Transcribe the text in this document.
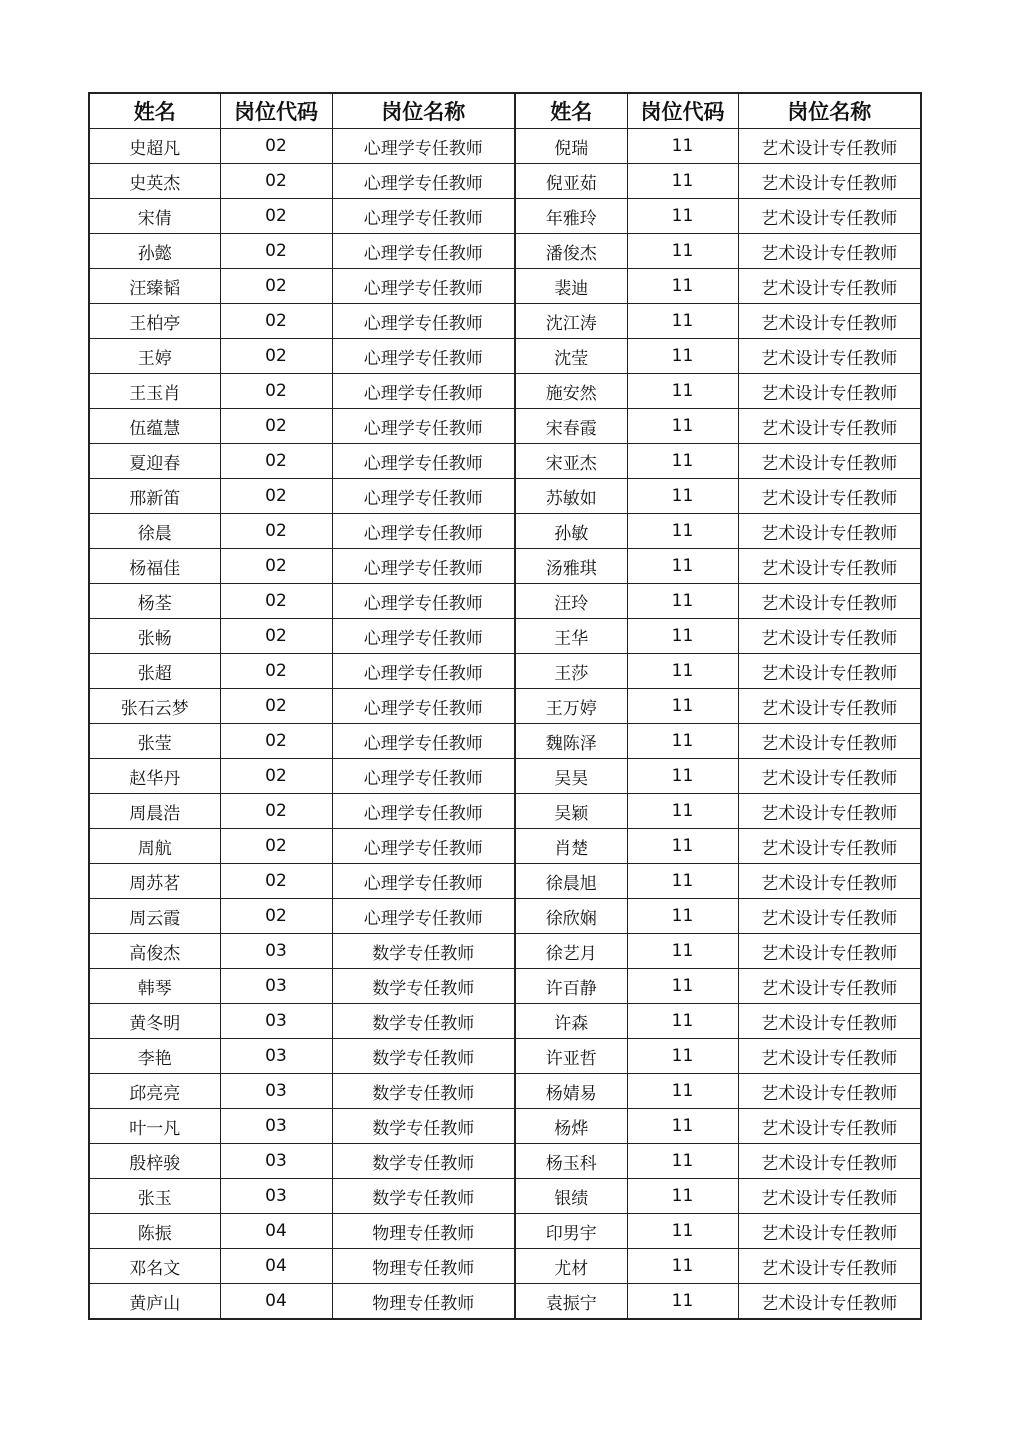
姓名	岗位代码	岗位名称	姓名	岗位代码	岗位名称
史超凡	02	心理学专任教师	倪瑞	11	艺术设计专任教师
史英杰	02	心理学专任教师	倪亚茹	11	艺术设计专任教师
宋倩	02	心理学专任教师	年雅玲	11	艺术设计专任教师
孙懿	02	心理学专任教师	潘俊杰	11	艺术设计专任教师
汪臻韬	02	心理学专任教师	裴迪	11	艺术设计专任教师
王柏亭	02	心理学专任教师	沈江涛	11	艺术设计专任教师
王婷	02	心理学专任教师	沈莹	11	艺术设计专任教师
王玉肖	02	心理学专任教师	施安然	11	艺术设计专任教师
伍蕴慧	02	心理学专任教师	宋春霞	11	艺术设计专任教师
夏迎春	02	心理学专任教师	宋亚杰	11	艺术设计专任教师
邢新笛	02	心理学专任教师	苏敏如	11	艺术设计专任教师
徐晨	02	心理学专任教师	孙敏	11	艺术设计专任教师
杨福佳	02	心理学专任教师	汤雅琪	11	艺术设计专任教师
杨荃	02	心理学专任教师	汪玲	11	艺术设计专任教师
张畅	02	心理学专任教师	王华	11	艺术设计专任教师
张超	02	心理学专任教师	王莎	11	艺术设计专任教师
张石云梦	02	心理学专任教师	王万婷	11	艺术设计专任教师
张莹	02	心理学专任教师	魏陈泽	11	艺术设计专任教师
赵华丹	02	心理学专任教师	吴昊	11	艺术设计专任教师
周晨浩	02	心理学专任教师	吴颖	11	艺术设计专任教师
周航	02	心理学专任教师	肖楚	11	艺术设计专任教师
周苏茗	02	心理学专任教师	徐晨旭	11	艺术设计专任教师
周云霞	02	心理学专任教师	徐欣娴	11	艺术设计专任教师
高俊杰	03	数学专任教师	徐艺月	11	艺术设计专任教师
韩琴	03	数学专任教师	许百静	11	艺术设计专任教师
黄冬明	03	数学专任教师	许森	11	艺术设计专任教师
李艳	03	数学专任教师	许亚哲	11	艺术设计专任教师
邱亮亮	03	数学专任教师	杨婧易	11	艺术设计专任教师
叶一凡	03	数学专任教师	杨烨	11	艺术设计专任教师
殷梓骏	03	数学专任教师	杨玉科	11	艺术设计专任教师
张玉	03	数学专任教师	银绩	11	艺术设计专任教师
陈振	04	物理专任教师	印男宇	11	艺术设计专任教师
邓名文	04	物理专任教师	尤材	11	艺术设计专任教师
黄庐山	04	物理专任教师	袁振宁	11	艺术设计专任教师
